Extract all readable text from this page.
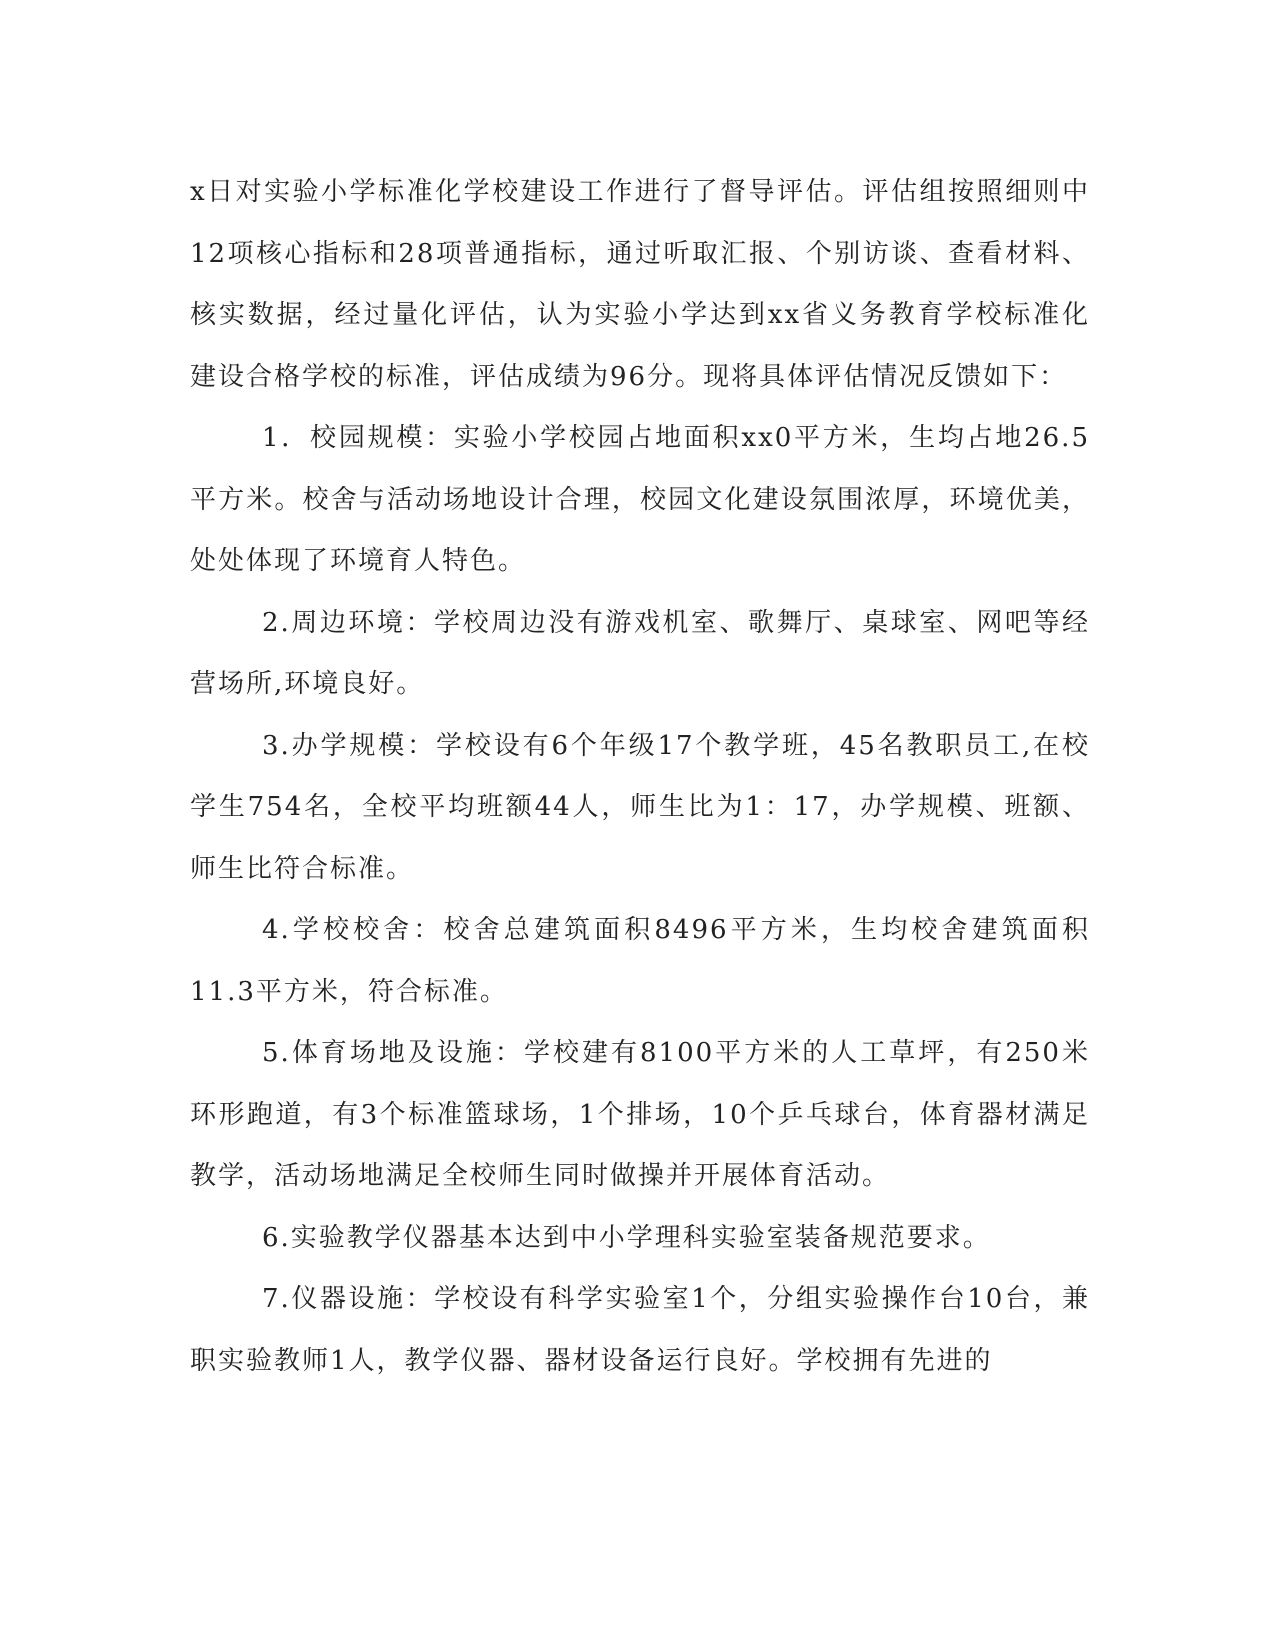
x日对实验小学标准化学校建设工作进行了督导评估。评估组按照细则中12项核心指标和28项普通指标，通过听取汇报、个别访谈、查看材料、核实数据，经过量化评估，认为实验小学达到xx省义务教育学校标准化建设合格学校的标准，评估成绩为96分。现将具体评估情况反馈如下：

1．校园规模：实验小学校园占地面积xx0平方米，生均占地26.5平方米。校舍与活动场地设计合理，校园文化建设氛围浓厚，环境优美，处处体现了环境育人特色。

2.周边环境：学校周边没有游戏机室、歌舞厅、桌球室、网吧等经营场所,环境良好。

3.办学规模：学校设有6个年级17个教学班，45名教职员工,在校学生754名，全校平均班额44人，师生比为1：17，办学规模、班额、师生比符合标准。

4.学校校舍：校舍总建筑面积8496平方米，生均校舍建筑面积11.3平方米，符合标准。

5.体育场地及设施：学校建有8100平方米的人工草坪，有250米环形跑道，有3个标准篮球场，1个排场，10个乒乓球台，体育器材满足教学，活动场地满足全校师生同时做操并开展体育活动。

6.实验教学仪器基本达到中小学理科实验室装备规范要求。

7.仪器设施：学校设有科学实验室1个，分组实验操作台10台，兼职实验教师1人，教学仪器、器材设备运行良好。学校拥有先进的
